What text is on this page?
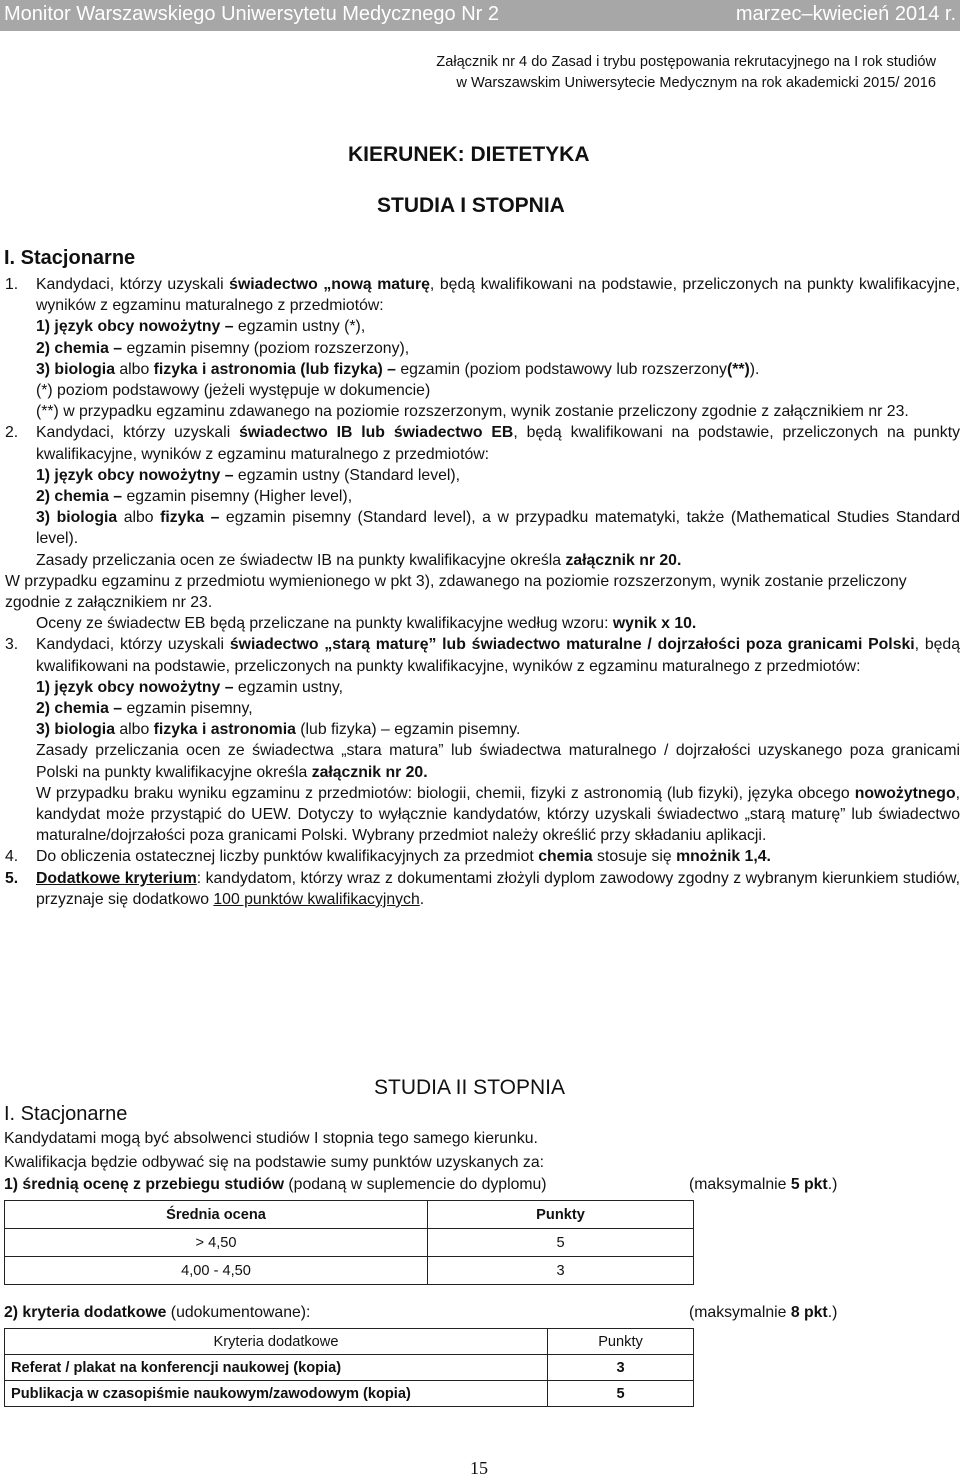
Monitor Warszawskiego Uniwersytetu Medycznego Nr 2	marzec–kwiecień 2014 r.
Załącznik nr 4 do Zasad i trybu postępowania rekrutacyjnego na I rok studiów
w Warszawskim Uniwersytecie Medycznym na rok akademicki 2015/ 2016
KIERUNEK: DIETETYKA
STUDIA I STOPNIA
I. Stacjonarne
1. Kandydaci, którzy uzyskali świadectwo „nową maturę, będą kwalifikowani na podstawie, przeliczonych na punkty kwalifikacyjne, wyników z egzaminu maturalnego z przedmiotów:

1) język obcy nowożytny – egzamin ustny (*),

2) chemia – egzamin pisemny (poziom rozszerzony),

3) biologia albo fizyka i astronomia (lub fizyka) – egzamin (poziom podstawowy lub rozszerzony(**)).

(*) poziom podstawowy (jeżeli występuje w dokumencie)

(**) w przypadku egzaminu zdawanego na poziomie rozszerzonym, wynik zostanie przeliczony zgodnie z załącznikiem nr 23.

2. Kandydaci, którzy uzyskali świadectwo IB lub świadectwo EB, będą kwalifikowani na podstawie, przeliczonych na punkty kwalifikacyjne, wyników z egzaminu maturalnego z przedmiotów:

1) język obcy nowożytny – egzamin ustny (Standard level),

2) chemia – egzamin pisemny (Higher level),

3) biologia albo fizyka – egzamin pisemny (Standard level), a w przypadku matematyki, także (Mathematical Studies Standard level).

Zasady przeliczania ocen ze świadectw IB na punkty kwalifikacyjne określa załącznik nr 20.

W przypadku egzaminu z przedmiotu wymienionego w pkt 3), zdawanego na poziomie rozszerzonym, wynik zostanie przeliczony zgodnie z załącznikiem nr 23.

Oceny ze świadectw EB będą przeliczane na punkty kwalifikacyjne według wzoru: wynik x 10.

3. Kandydaci, którzy uzyskali świadectwo „starą maturę” lub świadectwo maturalne / dojrzałości poza granicami Polski, będą kwalifikowani na podstawie, przeliczonych na punkty kwalifikacyjne, wyników z egzaminu maturalnego z przedmiotów:

1) język obcy nowożytny – egzamin ustny,

2) chemia – egzamin pisemny,

3) biologia albo fizyka i astronomia (lub fizyka) – egzamin pisemny.

Zasady przeliczania ocen ze świadectwa „stara matura” lub świadectwa maturalnego / dojrzałości uzyskanego poza granicami Polski na punkty kwalifikacyjne określa załącznik nr 20.

W przypadku braku wyniku egzaminu z przedmiotów: biologii, chemii, fizyki z astronomią (lub fizyki), języka obcego nowożytnego, kandydat może przystąpić do UEW. Dotyczy to wyłącznie kandydatów, którzy uzyskali świadectwo „starą maturę” lub świadectwo maturalne/dojrzałości poza granicami Polski. Wybrany przedmiot należy określić przy składaniu aplikacji.

4. Do obliczenia ostatecznej liczby punktów kwalifikacyjnych za przedmiot chemia stosuje się mnożnik 1,4.

5. Dodatkowe kryterium: kandydatom, którzy wraz z dokumentami złożyli dyplom zawodowy zgodny z wybranym kierunkiem studiów, przyznaje się dodatkowo 100 punktów kwalifikacyjnych.

STUDIA II STOPNIA
I. Stacjonarne
Kandydatami mogą być absolwenci studiów I stopnia tego samego kierunku.
Kwalifikacja będzie odbywać się na podstawie sumy punktów uzyskanych za:
1) średnią ocenę z przebiegu studiów (podaną w suplemencie do dyplomu)	(maksymalnie 5 pkt.)
Średnia ocena	Punkty
> 4,50	5
4,00 - 4,50	3
2) kryteria dodatkowe (udokumentowane):	(maksymalnie 8 pkt.)
Kryteria dodatkowe	Punkty
Referat / plakat na konferencji naukowej (kopia)	3
Publikacja w czasopiśmie naukowym/zawodowym (kopia)	5
15
